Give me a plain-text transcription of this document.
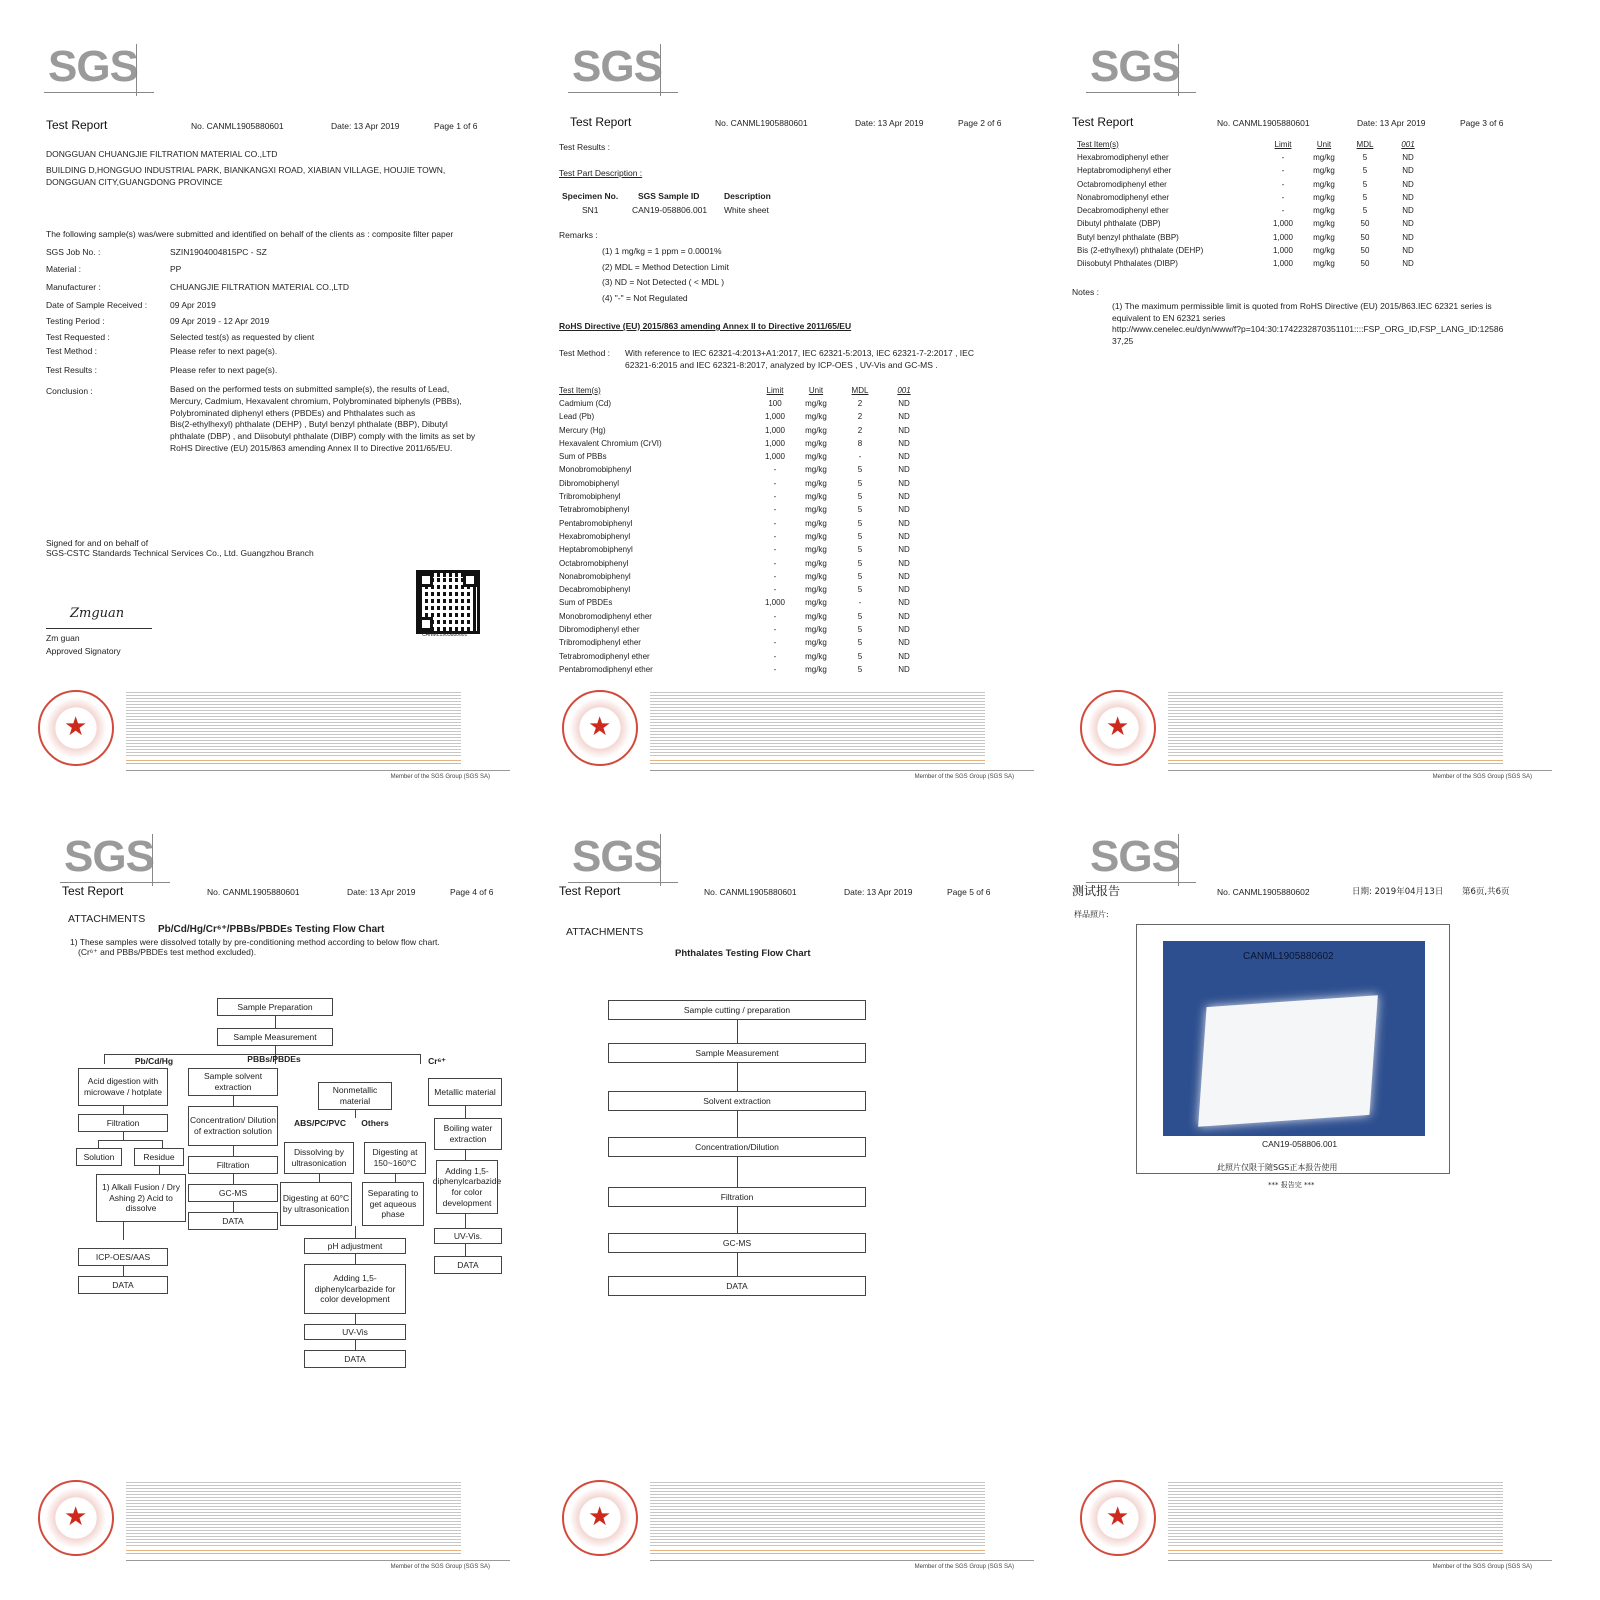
SGS
Test Report	No. CANML1905880601	Date: 13 Apr 2019	Page 1 of 6
DONGGUAN CHUANGJIE FILTRATION MATERIAL CO.,LTD
BUILDING D,HONGGUO INDUSTRIAL PARK, BIANKANGXI ROAD, XIABIAN VILLAGE, HOUJIE TOWN,
DONGGUAN CITY,GUANGDONG PROVINCE
The following sample(s) was/were submitted and identified on behalf of the clients as : composite filter paper
SGS Job No. :	SZIN1904004815PC - SZ
Material :	PP
Manufacturer :	CHUANGJIE FILTRATION MATERIAL CO.,LTD
Date of Sample Received :	09 Apr 2019
Testing Period :	09 Apr 2019 - 12 Apr 2019
Test Requested :	Selected test(s) as requested by client
Test Method :	Please refer to next page(s).
Test Results :	Please refer to next page(s).
Conclusion :	Based on the performed tests on submitted sample(s), the results of Lead,
Mercury, Cadmium, Hexavalent chromium, Polybrominated biphenyls (PBBs),
Polybrominated diphenyl ethers (PBDEs) and Phthalates such as
Bis(2-ethylhexyl) phthalate (DEHP) , Butyl benzyl phthalate (BBP), Dibutyl
phthalate (DBP) , and Diisobutyl phthalate (DIBP) comply with the limits as set by
RoHS Directive (EU) 2015/863 amending Annex II to Directive 2011/65/EU.
Signed for and on behalf of
SGS-CSTC Standards Technical Services Co., Ltd. Guangzhou Branch
Zmguan
Zm guan
Approved Signatory
CANML1905880601
★
Member of the SGS Group (SGS SA)
SGS
Test Report	No. CANML1905880601	Date: 13 Apr 2019	Page 2 of 6
Test Results :
Test Part Description :
Specimen No. SGS Sample ID	Description
SN1	CAN19-058806.001 White sheet
Remarks :
(1) 1 mg/kg = 1 ppm = 0.0001%
(2) MDL = Method Detection Limit
(3) ND = Not Detected ( < MDL )
(4) "-" = Not Regulated
RoHS Directive (EU) 2015/863 amending Annex II to Directive 2011/65/EU
Test Method : With reference to IEC 62321-4:2013+A1:2017, IEC 62321-5:2013, IEC 62321-7-2:2017 , IEC
62321-6:2015 and IEC 62321-8:2017, analyzed by ICP-OES , UV-Vis and GC-MS .
Test Item(s)	Limit	Unit	MDL	001
Cadmium (Cd)	100	mg/kg	2	ND
Lead (Pb)	1,000	mg/kg	2	ND
Mercury (Hg)	1,000	mg/kg	2	ND
Hexavalent Chromium (CrVI)	1,000	mg/kg	8	ND
Sum of PBBs	1,000	mg/kg	-	ND
Monobromobiphenyl	-	mg/kg	5	ND
Dibromobiphenyl	-	mg/kg	5	ND
Tribromobiphenyl	-	mg/kg	5	ND
Tetrabromobiphenyl	-	mg/kg	5	ND
Pentabromobiphenyl	-	mg/kg	5	ND
Hexabromobiphenyl	-	mg/kg	5	ND
Heptabromobiphenyl	-	mg/kg	5	ND
Octabromobiphenyl	-	mg/kg	5	ND
Nonabromobiphenyl	-	mg/kg	5	ND
Decabromobiphenyl	-	mg/kg	5	ND
Sum of PBDEs	1,000	mg/kg	-	ND
Monobromodiphenyl ether	-	mg/kg	5	ND
Dibromodiphenyl ether	-	mg/kg	5	ND
Tribromodiphenyl ether	-	mg/kg	5	ND
Tetrabromodiphenyl ether	-	mg/kg	5	ND
Pentabromodiphenyl ether	-	mg/kg	5	ND
★
Member of the SGS Group (SGS SA)
SGS
Test Report	No. CANML1905880601	Date: 13 Apr 2019	Page 3 of 6
Test Item(s)	Limit	Unit	MDL	001
Hexabromodiphenyl ether	-	mg/kg	5	ND
Heptabromodiphenyl ether	-	mg/kg	5	ND
Octabromodiphenyl ether	-	mg/kg	5	ND
Nonabromodiphenyl ether	-	mg/kg	5	ND
Decabromodiphenyl ether	-	mg/kg	5	ND
Dibutyl phthalate (DBP)	1,000	mg/kg	50	ND
Butyl benzyl phthalate (BBP)	1,000	mg/kg	50	ND
Bis (2-ethylhexyl) phthalate (DEHP)	1,000	mg/kg	50	ND
Diisobutyl Phthalates (DIBP)	1,000	mg/kg	50	ND
Notes :
(1) The maximum permissible limit is quoted from RoHS Directive (EU) 2015/863.IEC 62321 series is
equivalent to EN 62321 series
http://www.cenelec.eu/dyn/www/f?p=104:30:1742232870351101::::FSP_ORG_ID,FSP_LANG_ID:12586
37,25
★
Member of the SGS Group (SGS SA)
SGS
Test Report	No. CANML1905880601	Date: 13 Apr 2019	Page 4 of 6
ATTACHMENTS
Pb/Cd/Hg/Cr⁶⁺/PBBs/PBDEs Testing Flow Chart
1) These samples were dissolved totally by pre-conditioning method according to below flow chart.
(Cr⁶⁺ and PBBs/PBDEs test method excluded).
Sample Preparation
Sample Measurement
Pb/Cd/Hg	PBBs/PBDEs	Cr⁶⁺
Acid digestion with microwave / hotplate
Filtration
Solution	Residue
1) Alkali Fusion / Dry Ashing 2) Acid to dissolve
ICP-OES/AAS
DATA
Sample solvent extraction
Concentration/ Dilution of extraction solution
Filtration
GC-MS
DATA
Nonmetallic material
ABS/PC/PVC	Others
Dissolving by ultrasonication
Digesting at 150~160°C
Digesting at 60°C by ultrasonication
Separating to get aqueous phase
pH adjustment
Adding 1,5-diphenylcarbazide for color development
UV-Vis
DATA
Metallic material
Boiling water extraction
Adding 1,5-diphenylcarbazide for color development
UV-Vis.
DATA
★
Member of the SGS Group (SGS SA)
SGS
Test Report	No. CANML1905880601	Date: 13 Apr 2019	Page 5 of 6
ATTACHMENTS
Phthalates Testing Flow Chart
Sample cutting / preparation
Sample Measurement
Solvent extraction
Concentration/Dilution
Filtration
GC-MS
DATA
★
Member of the SGS Group (SGS SA)
SGS
测试报告	No. CANML1905880602	日期: 2019年04月13日 第6页,共6页
样品照片:
CANML1905880602
CAN19-058806.001
此照片仅限于随SGS正本报告使用
*** 报告完 ***
★
Member of the SGS Group (SGS SA)
